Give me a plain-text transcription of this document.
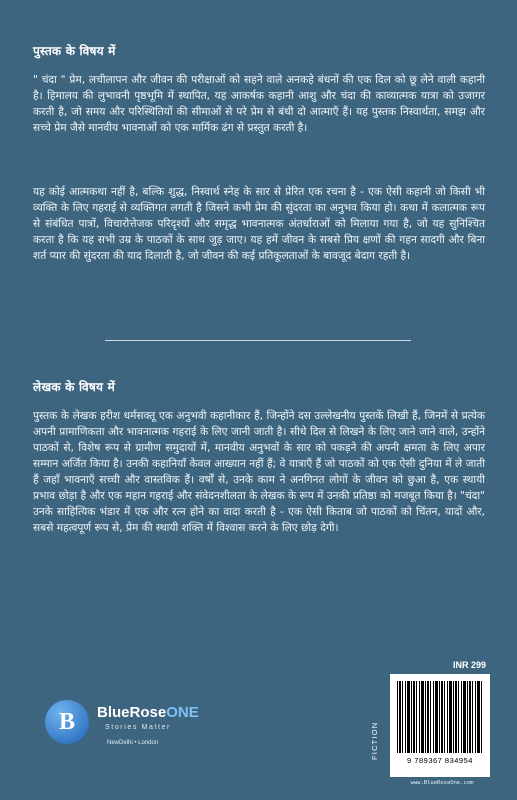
पुस्तक के विषय में

" चंदा " प्रेम, लचीलापन और जीवन की परीक्षाओं को सहने वाले अनकहे बंधनों की एक दिल को छू लेने वाली कहानी है। हिमालय की लुभावनी पृष्ठभूमि में स्थापित, यह आकर्षक कहानी आशु और चंदा की काव्यात्मक यात्रा को उजागर करती है, जो समय और परिस्थितियों की सीमाओं से परे प्रेम से बंधी दो आत्माएँ हैं। यह पुस्तक निस्वार्थता, समझ और सच्चे प्रेम जैसे मानवीय भावनाओं को एक मार्मिक ढंग से प्रस्तुत करती है।

यह कोई आत्मकथा नहीं है, बल्कि शुद्ध, निस्वार्थ स्नेह के सार से प्रेरित एक रचना है - एक ऐसी कहानी जो किसी भी व्यक्ति के लिए गहराई से व्यक्तिगत लगती है जिसने कभी प्रेम की सुंदरता का अनुभव किया हो। कथा में कलात्मक रूप से संबंधित पात्रों, विचारोत्तेजक परिदृश्यों और समृद्ध भावनात्मक अंतर्धाराओं को मिलाया गया है, जो यह सुनिश्चित करता है कि यह सभी उम्र के पाठकों के साथ जुड़ जाए। यह हमें जीवन के सबसे प्रिय क्षणों की गहन सादगी और बिना शर्त प्यार की सुंदरता की याद दिलाती है, जो जीवन की कई प्रतिकूलताओं के बावजूद बेदाग रहती है।

लेखक के विषय में

पुस्तक के लेखक हरीश धर्मसक्तू एक अनुभवी कहानीकार हैं, जिन्होंने दस उल्लेखनीय पुस्तकें लिखी हैं, जिनमें से प्रत्येक अपनी प्रामाणिकता और भावनात्मक गहराई के लिए जानी जाती है। सीधे दिल से लिखने के लिए जाने जाने वाले, उन्होंने पाठकों से, विशेष रूप से ग्रामीण समुदायों में, मानवीय अनुभवों के सार को पकड़ने की अपनी क्षमता के लिए अपार सम्मान अर्जित किया है। उनकी कहानियाँ केवल आख्यान नहीं हैं; वे यात्राएँ हैं जो पाठकों को एक ऐसी दुनिया में ले जाती हैं जहाँ भावनाएँ सच्ची और वास्तविक हैं। वर्षों से, उनके काम ने अनगिनत लोगों के जीवन को छुआ है, एक स्थायी प्रभाव छोड़ा है और एक महान गहराई और संवेदनशीलता के लेखक के रूप में उनकी प्रतिष्ठा को मजबूत किया है। "चंदा" उनके साहित्यिक भंडार में एक और रत्न होने का वादा करती है - एक ऐसी किताब जो पाठकों को चिंतन, यादों और, सबसे महत्वपूर्ण रूप से, प्रेम की स्थायी शक्ति में विश्वास करने के लिए छोड़ देगी।

B	BlueRoseONE
Stories Matter
NewDelhi • London	FICTION
INR 299
9 789367 834954
www.BlueRoseOne.com
